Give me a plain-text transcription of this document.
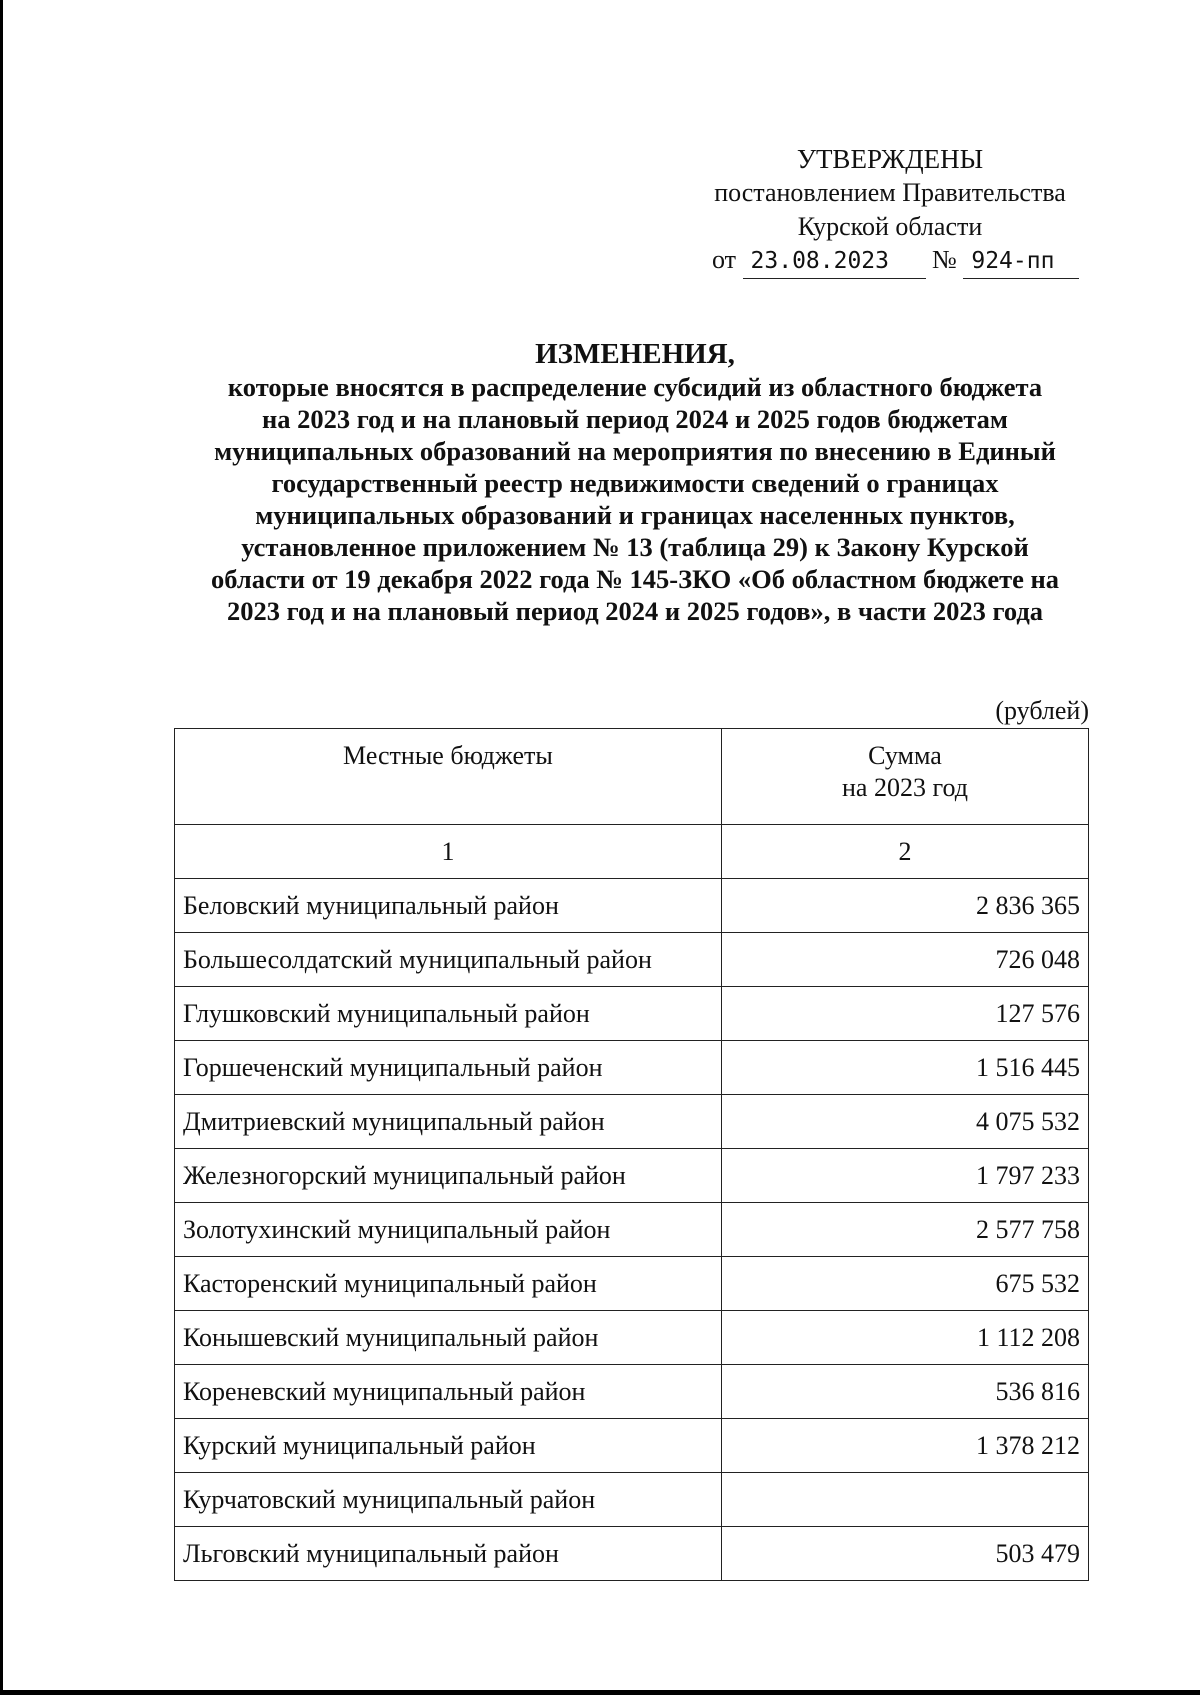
УТВЕРЖДЕНЫ
постановлением Правительства
Курской области
от 23.08.2023 № 924-пп
ИЗМЕНЕНИЯ,
которые вносятся в распределение субсидий из областного бюджета
на 2023 год и на плановый период 2024 и 2025 годов бюджетам
муниципальных образований на мероприятия по внесению в Единый
государственный реестр недвижимости сведений о границах
муниципальных образований и границах населенных пунктов,
установленное приложением № 13 (таблица 29) к Закону Курской
области от 19 декабря 2022 года № 145-ЗКО «Об областном бюджете на
2023 год и на плановый период 2024 и 2025 годов», в части 2023 года
(рублей)
Местные бюджеты	Сумма
на 2023 год

1	2
Беловский муниципальный район	2 836 365
Большесолдатский муниципальный район	726 048
Глушковский муниципальный район	127 576
Горшеченский муниципальный район	1 516 445
Дмитриевский муниципальный район	4 075 532
Железногорский муниципальный район	1 797 233
Золотухинский муниципальный район	2 577 758
Касторенский муниципальный район	675 532
Конышевский муниципальный район	1 112 208
Кореневский муниципальный район	536 816
Курский муниципальный район	1 378 212
Курчатовский муниципальный район	
Льговский муниципальный район	503 479
